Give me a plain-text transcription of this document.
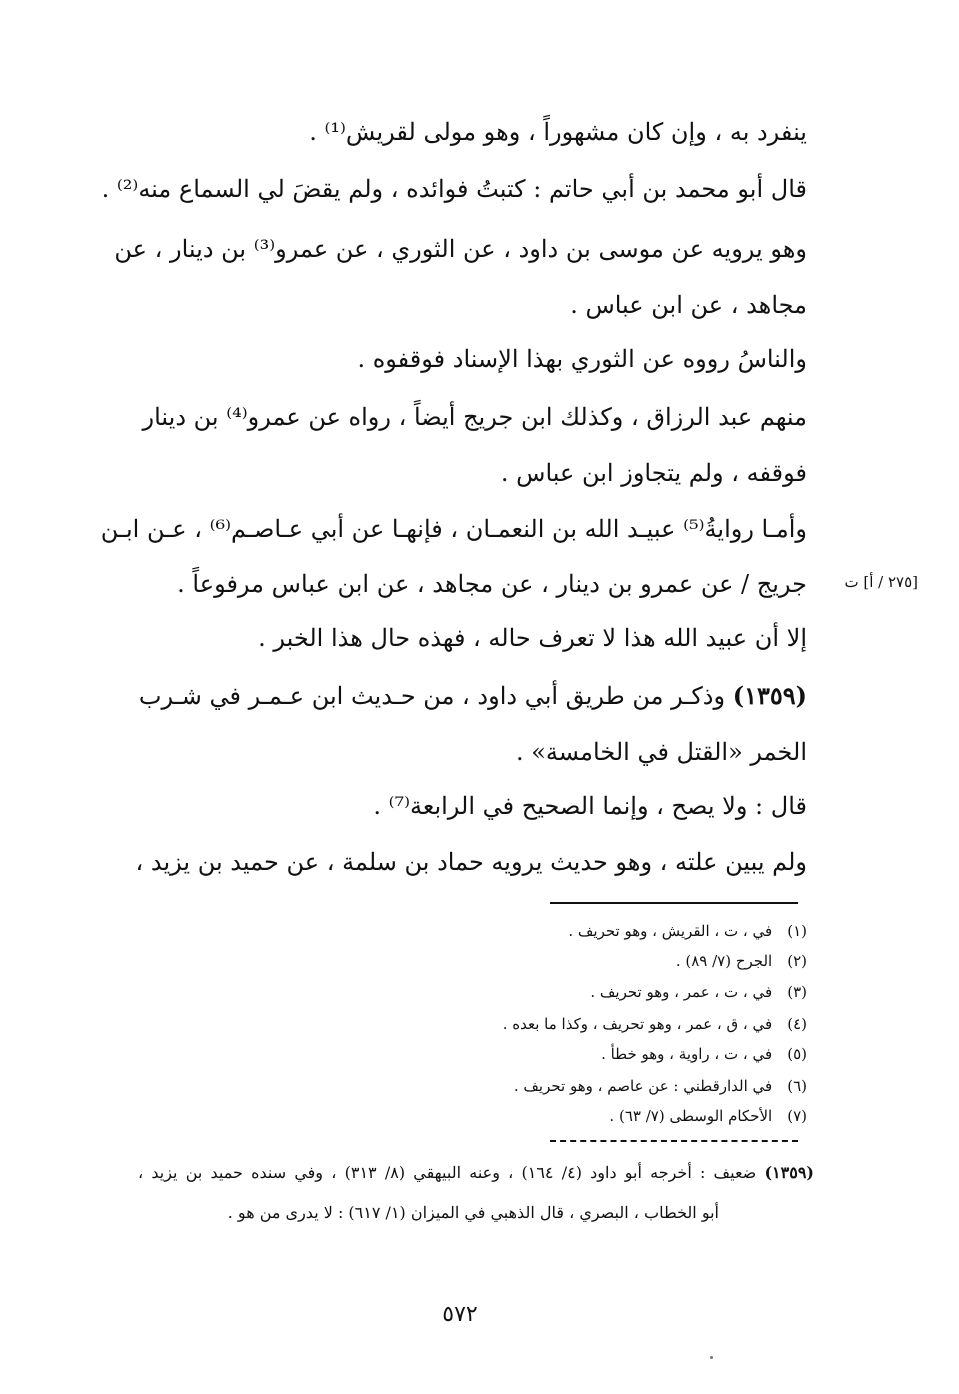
ينفرد به ، وإن كان مشهوراً ، وهو مولى لقريش⁽¹⁾ .
قال أبو محمد بن أبي حاتم : كتبتُ فوائده ، ولم يقضَ لي السماع منه⁽²⁾ .
وهو يرويه عن موسى بن داود ، عن الثوري ، عن عمرو⁽³⁾ بن دينار ، عن
مجاهد ، عن ابن عباس .
والناسُ رووه عن الثوري بهذا الإسناد فوقفوه .
منهم عبد الرزاق ، وكذلك ابن جريج أيضاً ، رواه عن عمرو⁽⁴⁾ بن دينار
فوقفه ، ولم يتجاوز ابن عباس .
وأمـا روايةُ⁽⁵⁾ عبيـد الله بن النعمـان ، فإنهـا عن أبي عـاصـم⁽⁶⁾ ، عـن ابـن
جريج / عن عمرو بن دينار ، عن مجاهد ، عن ابن عباس مرفوعاً .	[٢٧٥ / أ] ت
إلا أن عبيد الله هذا لا تعرف حاله ، فهذه حال هذا الخبر .
(١٣٥٩) وذكـر من طريق أبي داود ، من حـديث ابن عـمـر في شـرب
الخمر «القتل في الخامسة» .
قال : ولا يصح ، وإنما الصحيح في الرابعة⁽⁷⁾ .
ولم يبين علته ، وهو حديث يرويه حماد بن سلمة ، عن حميد بن يزيد ،
(١) في ، ت ، القريش ، وهو تحريف .
(٢) الجرح (٧/ ٨٩) .
(٣) في ، ت ، عمر ، وهو تحريف .
(٤) في ، ق ، عمر ، وهو تحريف ، وكذا ما بعده .
(٥) في ، ت ، راوية ، وهو خطأ .
(٦) في الدارقطني : عن عاصم ، وهو تحريف .
(٧) الأحكام الوسطى (٧/ ٦٣) .
(١٣٥٩) ضعيف : أخرجه أبو داود (٤/ ١٦٤) ، وعنه البيهقي (٨/ ٣١٣) ، وفي سنده حميد بن يزيد ،
أبو الخطاب ، البصري ، قال الذهبي في الميزان (١/ ٦١٧) : لا يدرى من هو .
٥٧٢
